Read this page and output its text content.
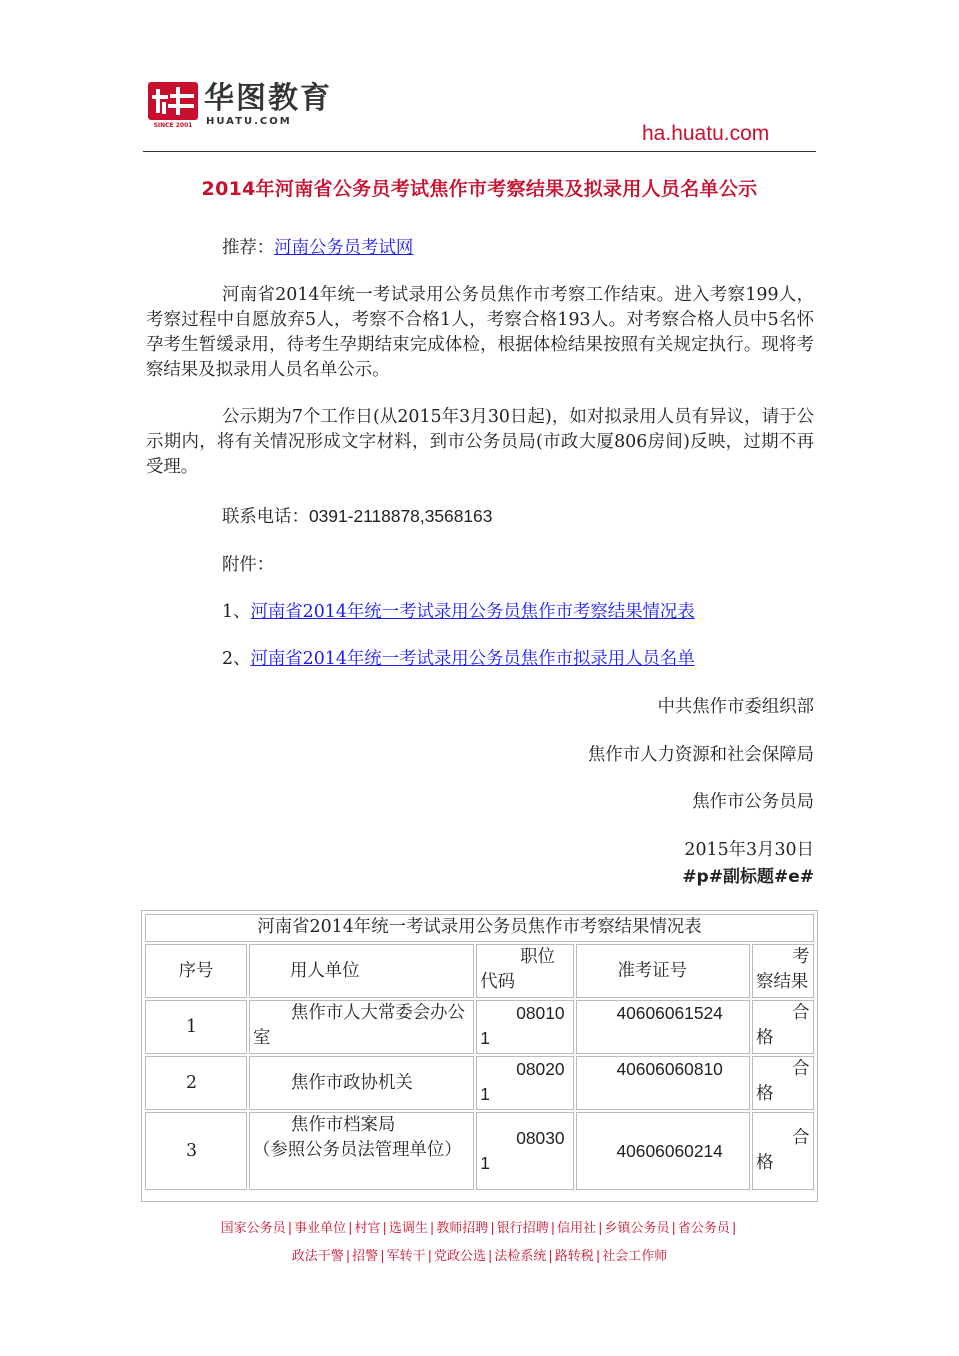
SINCE 2001
华图教育
HUATU.COM
ha.huatu.com
2014年河南省公务员考试焦作市考察结果及拟录用人员名单公示
推荐：河南公务员考试网
河南省2014年统一考试录用公务员焦作市考察工作结束。进入考察199人，考察过程中自愿放弃5人，考察不合格1人，考察合格193人。对考察合格人员中5名怀孕考生暂缓录用，待考生孕期结束完成体检，根据体检结果按照有关规定执行。现将考察结果及拟录用人员名单公示。
公示期为7个工作日(从2015年3月30日起)，如对拟录用人员有异议，请于公示期内，将有关情况形成文字材料，到市公务员局(市政大厦806房间)反映，过期不再受理。
联系电话：0391-2118878,3568163
附件：
1、河南省2014年统一考试录用公务员焦作市考察结果情况表
2、河南省2014年统一考试录用公务员焦作市拟录用人员名单
中共焦作市委组织部
焦作市人力资源和社会保障局
焦作市公务员局
2015年3月30日
#p#副标题#e#
河南省2014年统一考试录用公务员焦作市考察结果情况表				
序号	用人单位	职位代码	准考证号	考察结果
1	焦作市人大常委会办公室	080101	40606061524	合格
2	焦作市政协机关	080201	40606060810	合格
3	焦作市档案局　　　（参照公务员法管理单位）	080301	40606060214	合格
国家公务员 | 事业单位 | 村官 | 选调生 | 教师招聘 | 银行招聘 | 信用社 | 乡镇公务员 | 省公务员 |
政法干警 | 招警 | 军转干 | 党政公选 | 法检系统 | 路转税 | 社会工作师
